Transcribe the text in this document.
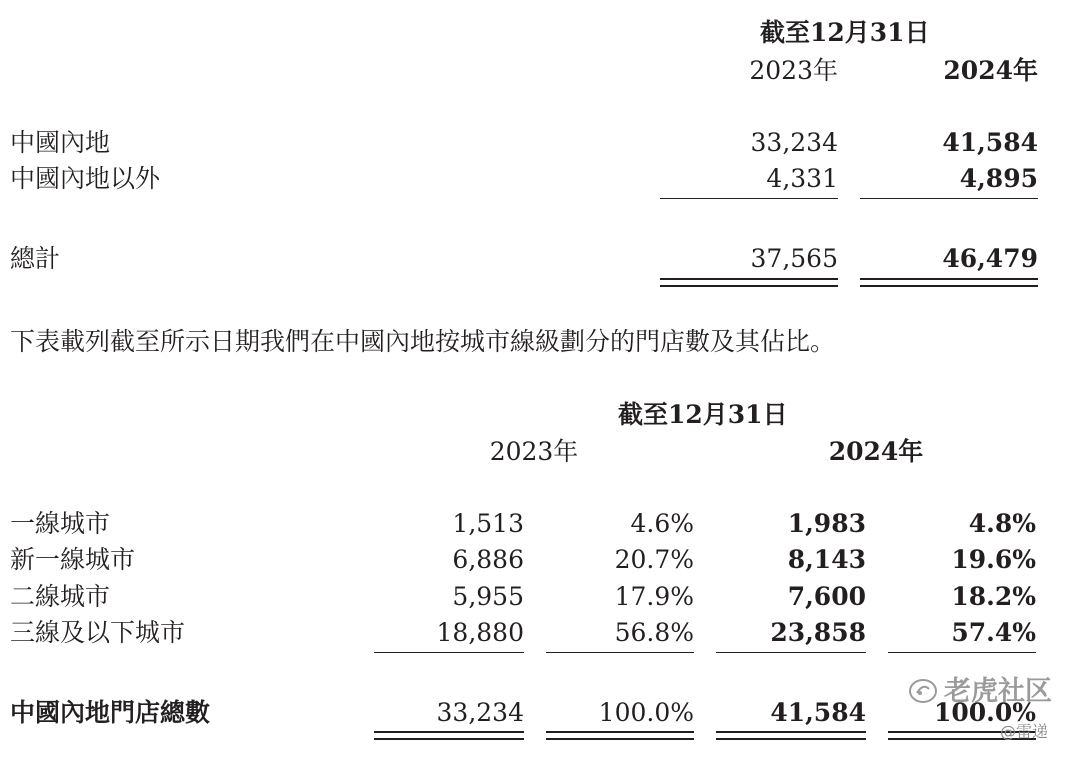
截至12月31日
2023年	2024年
中國內地	33,234	41,584
中國內地以外	4,331	4,895
總計	37,565	46,479
下表載列截至所示日期我們在中國內地按城市線級劃分的門店數及其佔比。
截至12月31日
2023年	2024年
一線城市	1,513	4.6%	1,983	4.8%
新一線城市	6,886	20.7%	8,143	19.6%
二線城市	5,955	17.9%	7,600	18.2%
三線及以下城市	18,880	56.8%	23,858	57.4%
中國內地門店總數	33,234	100.0%	41,584	100.0%
老虎社区
@雷递
